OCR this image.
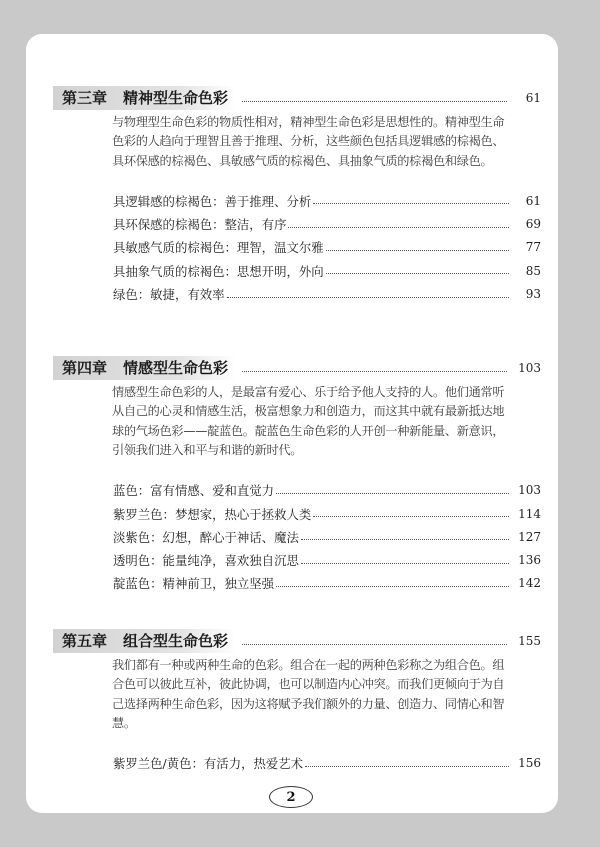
第三章 精神型生命色彩	61
与物理型生命色彩的物质性相对，精神型生命色彩是思想性的。精神型生命色彩的人趋向于理智且善于推理、分析，这些颜色包括具逻辑感的棕褐色、具环保感的棕褐色、具敏感气质的棕褐色、具抽象气质的棕褐色和绿色。
具逻辑感的棕褐色：善于推理、分析	61
具环保感的棕褐色：整洁，有序	69
具敏感气质的棕褐色：理智，温文尔雅	77
具抽象气质的棕褐色：思想开明，外向	85
绿色：敏捷，有效率	93
第四章 情感型生命色彩	103
情感型生命色彩的人，是最富有爱心、乐于给予他人支持的人。他们通常听从自己的心灵和情感生活，极富想象力和创造力，而这其中就有最新抵达地球的气场色彩——靛蓝色。靛蓝色生命色彩的人开创一种新能量、新意识，引领我们进入和平与和谐的新时代。
蓝色：富有情感、爱和直觉力	103
紫罗兰色：梦想家，热心于拯救人类	114
淡紫色：幻想，醉心于神话、魔法	127
透明色：能量纯净，喜欢独自沉思	136
靛蓝色：精神前卫，独立坚强	142
第五章 组合型生命色彩	155
我们都有一种或两种生命的色彩。组合在一起的两种色彩称之为组合色。组合色可以彼此互补，彼此协调，也可以制造内心冲突。而我们更倾向于为自己选择两种生命色彩，因为这将赋予我们额外的力量、创造力、同情心和智慧。
紫罗兰色/黄色：有活力，热爱艺术	156
2
